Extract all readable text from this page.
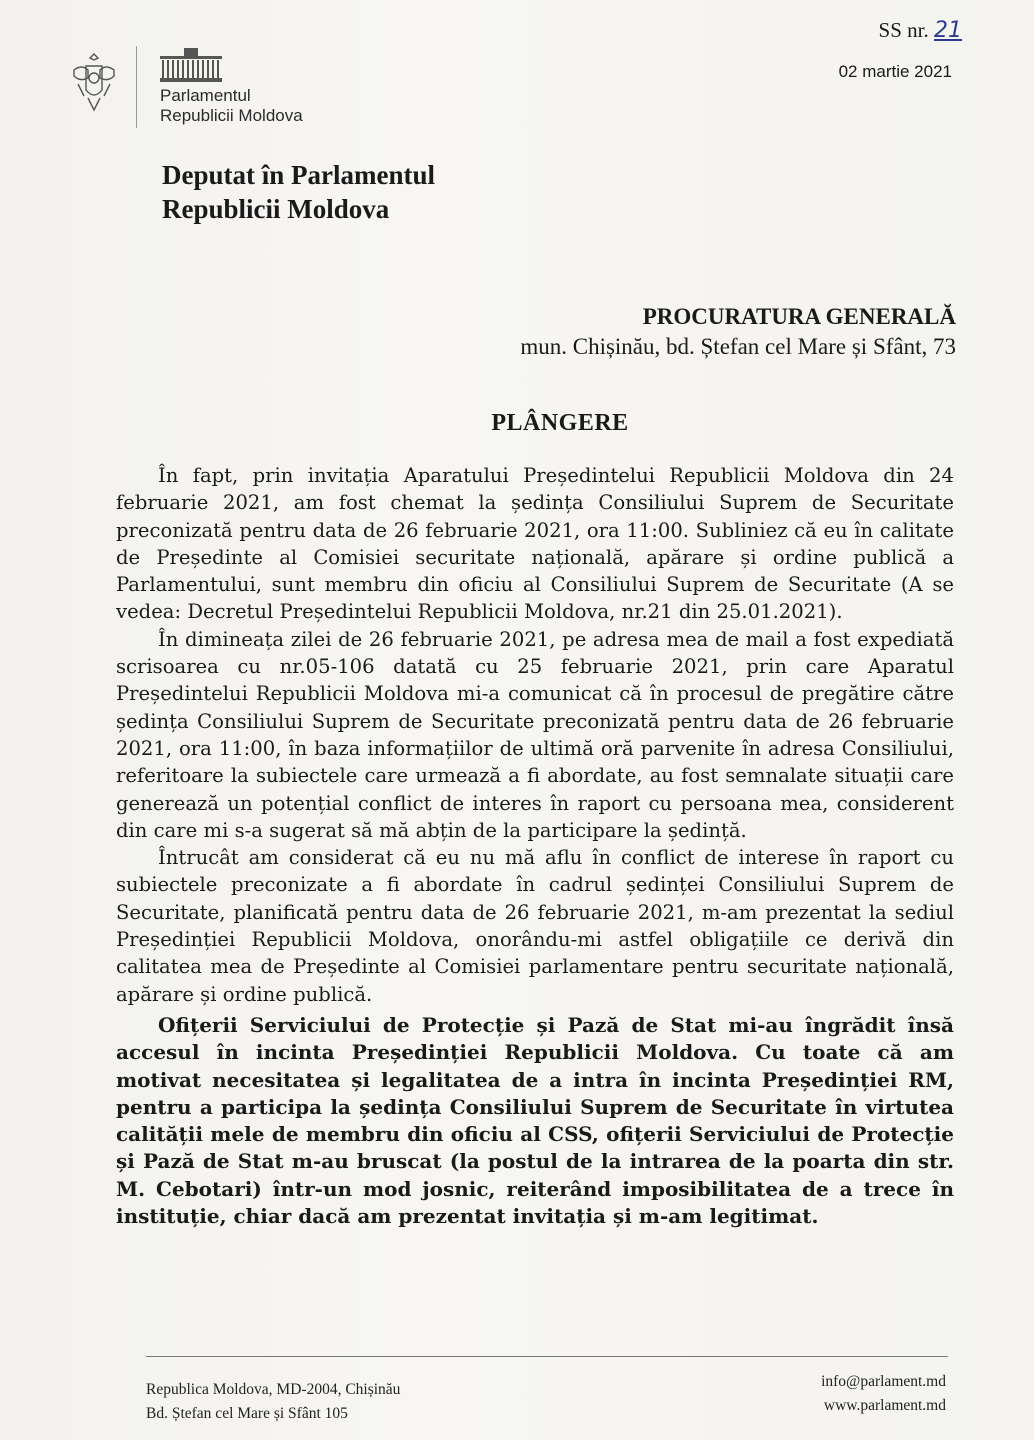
Parlamentul
Republicii Moldova
SS nr. 21
02 martie 2021
Deputat în Parlamentul
Republicii Moldova
PROCURATURA GENERALĂ
mun. Chișinău, bd. Ștefan cel Mare și Sfânt, 73
PLÂNGERE

În fapt, prin invitația Aparatului Președintelui Republicii Moldova din 24 februarie 2021, am fost chemat la ședința Consiliului Suprem de Securitate preconizată pentru data de 26 februarie 2021, ora 11:00. Subliniez că eu în calitate de Președinte al Comisiei securitate națională, apărare și ordine publică a Parlamentului, sunt membru din oficiu al Consiliului Suprem de Securitate (A se vedea: Decretul Președintelui Republicii Moldova, nr.21 din 25.01.2021).

În dimineața zilei de 26 februarie 2021, pe adresa mea de mail a fost expediată scrisoarea cu nr.05-106 datată cu 25 februarie 2021, prin care Aparatul Președintelui Republicii Moldova mi-a comunicat că în procesul de pregătire către ședința Consiliului Suprem de Securitate preconizată pentru data de 26 februarie 2021, ora 11:00, în baza informațiilor de ultimă oră parvenite în adresa Consiliului, referitoare la subiectele care urmează a fi abordate, au fost semnalate situații care generează un potențial conflict de interes în raport cu persoana mea, considerent din care mi s-a sugerat să mă abțin de la participare la ședință.

Întrucât am considerat că eu nu mă aflu în conflict de interese în raport cu subiectele preconizate a fi abordate în cadrul ședinței Consiliului Suprem de Securitate, planificată pentru data de 26 februarie 2021, m-am prezentat la sediul Președinției Republicii Moldova, onorându-mi astfel obligațiile ce derivă din calitatea mea de Președinte al Comisiei parlamentare pentru securitate națională, apărare și ordine publică.

Ofițerii Serviciului de Protecție și Pază de Stat mi-au îngrădit însă accesul în incinta Președinției Republicii Moldova. Cu toate că am motivat necesitatea și legalitatea de a intra în incinta Președinției RM, pentru a participa la ședința Consiliului Suprem de Securitate în virtutea calității mele de membru din oficiu al CSS, ofițerii Serviciului de Protecție și Pază de Stat m-au bruscat (la postul de la intrarea de la poarta din str. M. Cebotari) într-un mod josnic, reiterând imposibilitatea de a trece în instituție, chiar dacă am prezentat invitația și m-am legitimat.

Republica Moldova, MD-2004, Chișinău
Bd. Ștefan cel Mare și Sfânt 105
info@parlament.md
www.parlament.md
